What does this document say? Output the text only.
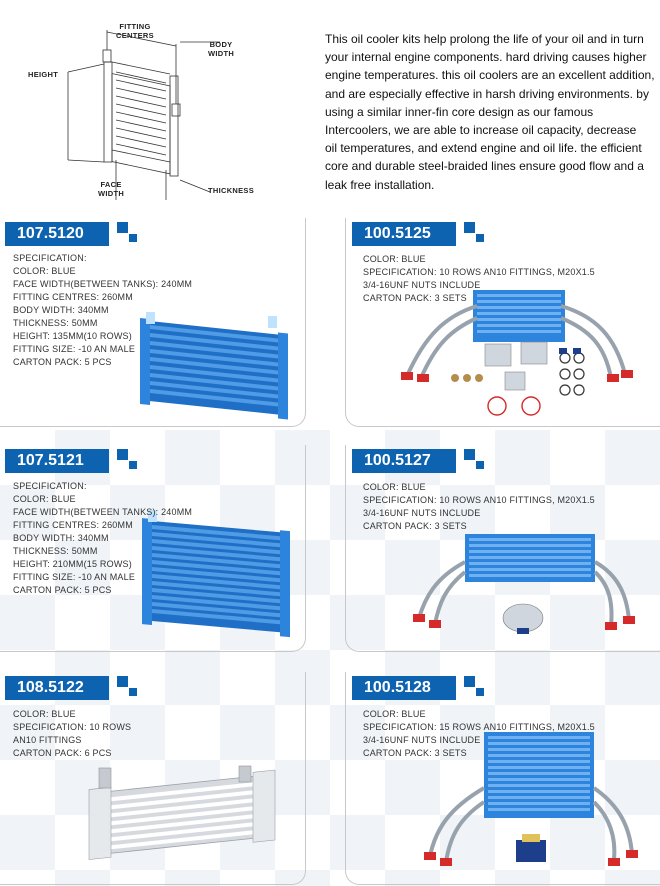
FITTING
CENTERS
BODY
WIDTH
HEIGHT
FACE
WIDTH	THICKNESS
This oil cooler kits help prolong the life of your oil and in turn
your internal engine components. hard driving causes higher
engine temperatures. this oil coolers are an excellent addition,
and are especially effective in harsh driving environments. by
using a similar inner-fin core design as our famous
Intercoolers, we are able to increase oil capacity, decrease
oil temperatures, and extend engine and oil life. the efficient
core and durable steel-braided lines ensure good flow and a
leak free installation.
107.5120	100.5125
107.5121	100.5127
108.5122	100.5128
SPECIFICATION:
COLOR: BLUE
FACE WIDTH(BETWEEN TANKS): 240MM
FITTING CENTRES: 260MM
BODY WIDTH: 340MM
THICKNESS: 50MM
HEIGHT: 135MM(10 ROWS)
FITTING SIZE: -10 AN MALE
CARTON PACK: 5 PCS
COLOR: BLUE
SPECIFICATION: 10 ROWS AN10 FITTINGS, M20X1.5
3/4-16UNF NUTS INCLUDE
CARTON PACK: 3 SETS
SPECIFICATION:
COLOR: BLUE
FACE WIDTH(BETWEEN TANKS): 240MM
FITTING CENTRES: 260MM
BODY WIDTH: 340MM
THICKNESS: 50MM
HEIGHT: 210MM(15 ROWS)
FITTING SIZE: -10 AN MALE
CARTON PACK: 5 PCS
COLOR: BLUE
SPECIFICATION: 10 ROWS AN10 FITTINGS, M20X1.5
3/4-16UNF NUTS INCLUDE
CARTON PACK: 3 SETS
COLOR: BLUE
SPECIFICATION: 10 ROWS
AN10 FITTINGS
CARTON PACK: 6 PCS
COLOR: BLUE
SPECIFICATION: 15 ROWS AN10 FITTINGS, M20X1.5
3/4-16UNF NUTS INCLUDE
CARTON PACK: 3 SETS
